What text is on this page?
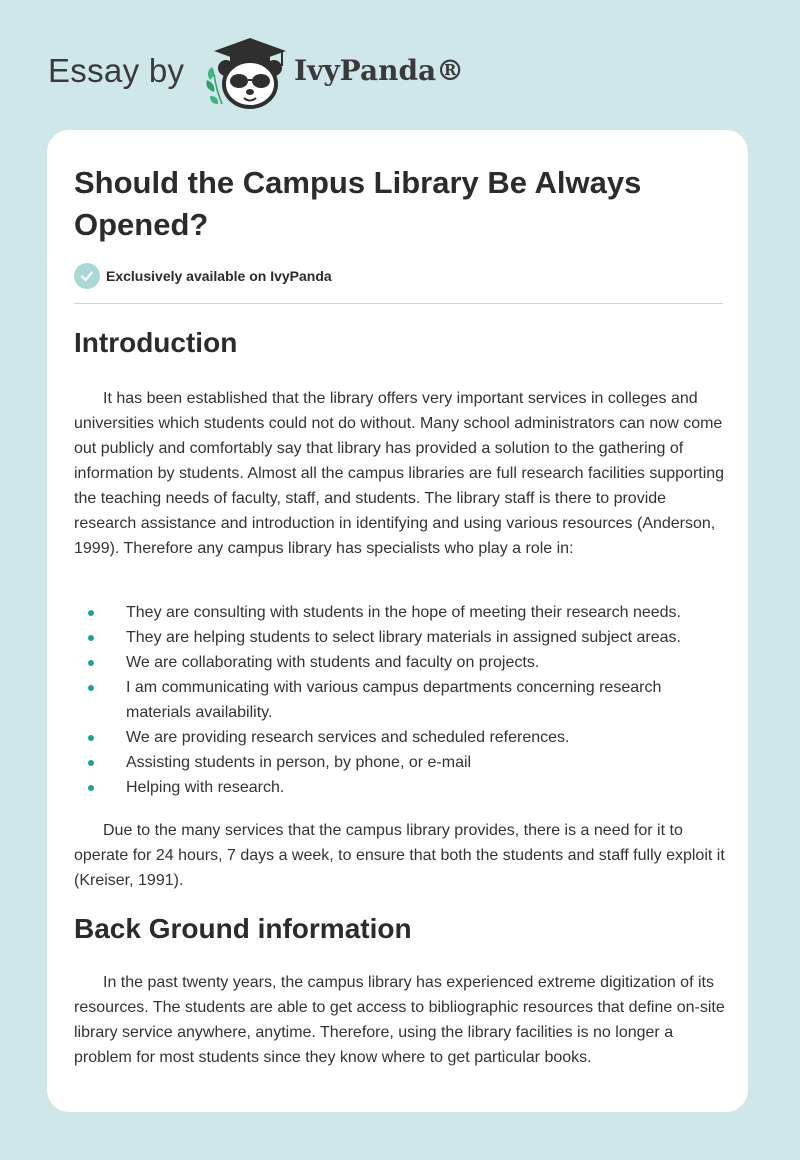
Essay by	IvyPanda®
Should the Campus Library Be Always Opened?
Exclusively available on IvyPanda
Introduction

It has been established that the library offers very important services in colleges and universities which students could not do without. Many school administrators can now come out publicly and comfortably say that library has provided a solution to the gathering of information by students. Almost all the campus libraries are full research facilities supporting the teaching needs of faculty, staff, and students. The library staff is there to provide research assistance and introduction in identifying and using various resources (Anderson, 1999). Therefore any campus library has specialists who play a role in:

They are consulting with students in the hope of meeting their research needs.
They are helping students to select library materials in assigned subject areas.
We are collaborating with students and faculty on projects.
I am communicating with various campus departments concerning research materials availability.
We are providing research services and scheduled references.
Assisting students in person, by phone, or e-mail
Helping with research.

Due to the many services that the campus library provides, there is a need for it to operate for 24 hours, 7 days a week, to ensure that both the students and staff fully exploit it (Kreiser, 1991).

Back Ground information

In the past twenty years, the campus library has experienced extreme digitization of its resources. The students are able to get access to bibliographic resources that define on-site library service anywhere, anytime. Therefore, using the library facilities is no longer a problem for most students since they know where to get particular books.
